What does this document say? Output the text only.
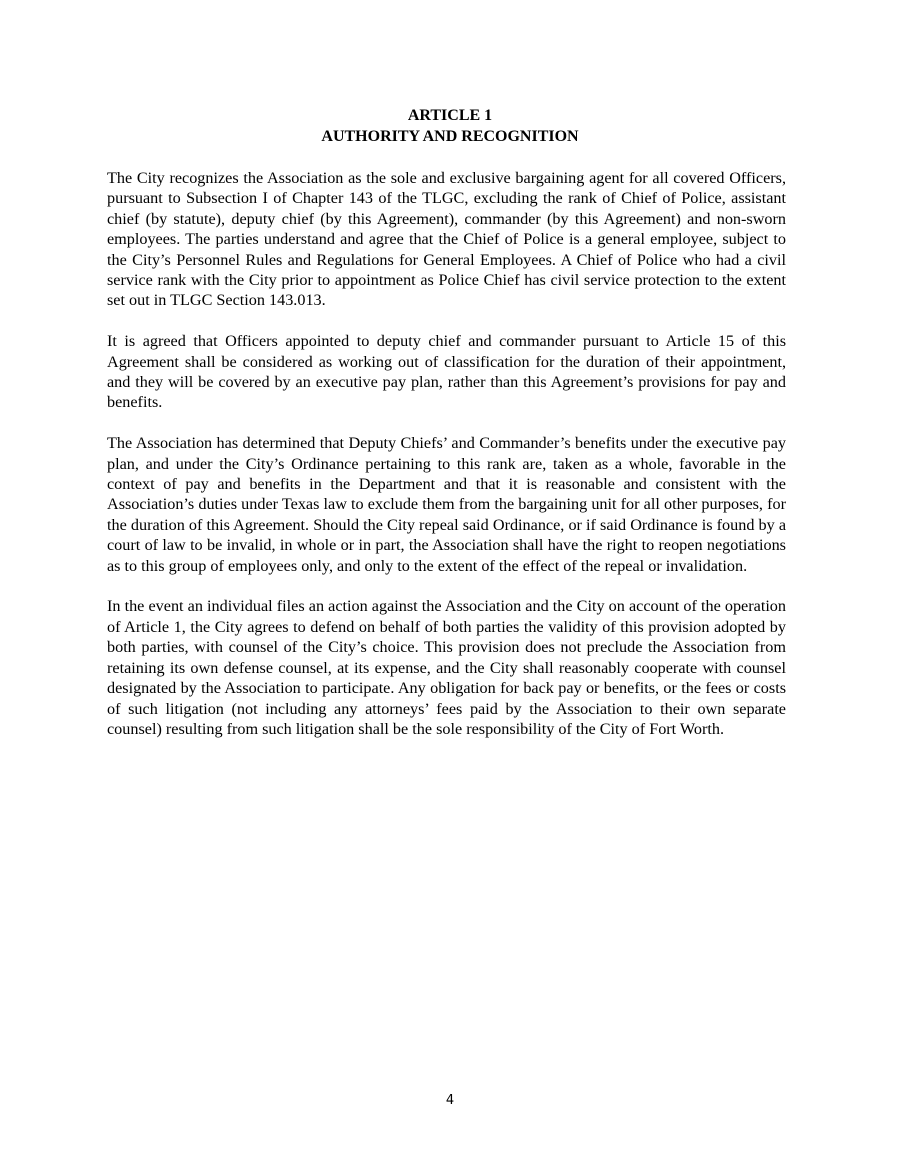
ARTICLE 1
AUTHORITY AND RECOGNITION

The City recognizes the Association as the sole and exclusive bargaining agent for all covered Officers, pursuant to Subsection I of Chapter 143 of the TLGC, excluding the rank of Chief of Police, assistant chief (by statute), deputy chief (by this Agreement), commander (by this Agreement) and non-sworn employees. The parties understand and agree that the Chief of Police is a general employee, subject to the City’s Personnel Rules and Regulations for General Employees. A Chief of Police who had a civil service rank with the City prior to appointment as Police Chief has civil service protection to the extent set out in TLGC Section 143.013.

It is agreed that Officers appointed to deputy chief and commander pursuant to Article 15 of this Agreement shall be considered as working out of classification for the duration of their appointment, and they will be covered by an executive pay plan, rather than this Agreement’s provisions for pay and benefits.

The Association has determined that Deputy Chiefs’ and Commander’s benefits under the executive pay plan, and under the City’s Ordinance pertaining to this rank are, taken as a whole, favorable in the context of pay and benefits in the Department and that it is reasonable and consistent with the Association’s duties under Texas law to exclude them from the bargaining unit for all other purposes, for the duration of this Agreement. Should the City repeal said Ordinance, or if said Ordinance is found by a court of law to be invalid, in whole or in part, the Association shall have the right to reopen negotiations as to this group of employees only, and only to the extent of the effect of the repeal or invalidation.

In the event an individual files an action against the Association and the City on account of the operation of Article 1, the City agrees to defend on behalf of both parties the validity of this provision adopted by both parties, with counsel of the City’s choice. This provision does not preclude the Association from retaining its own defense counsel, at its expense, and the City shall reasonably cooperate with counsel designated by the Association to participate. Any obligation for back pay or benefits, or the fees or costs of such litigation (not including any attorneys’ fees paid by the Association to their own separate counsel) resulting from such litigation shall be the sole responsibility of the City of Fort Worth.

4
